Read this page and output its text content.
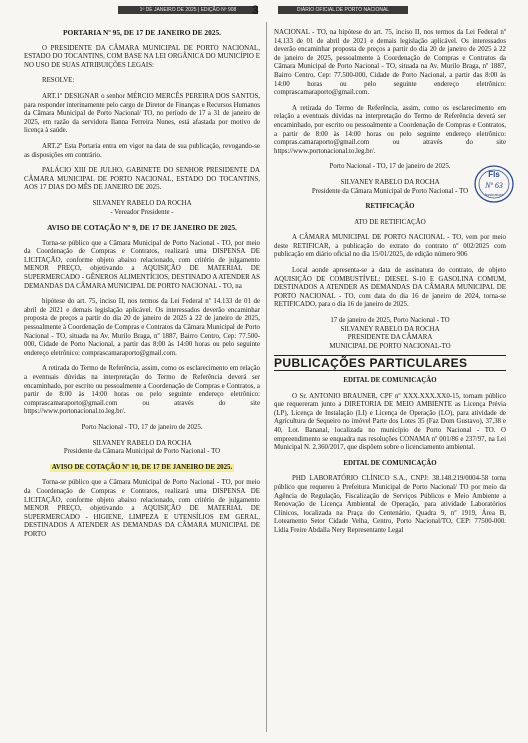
1º DE JANEIRO DE 2025 | EDIÇÃO Nº 908	3	DIÁRIO OFICIAL DE PORTO NACIONAL

PORTARIA Nº 95, DE 17 DE JANEIRO DE 2025.

O PRESIDENTE DA CÂMARA MUNICIPAL DE PORTO NACIONAL, ESTADO DO TOCANTINS, COM BASE NA LEI ORGÂNICA DO MUNICÍPIO E NO USO DE SUAS ATRIBUIÇÕES LEGAIS:

RESOLVE:

ART.1º DESIGNAR o senhor MÉRCIO MERCÊS PEREIRA DOS SANTOS, para responder interinamente pelo cargo de Diretor de Finanças e Recursos Humanos da Câmara Municipal de Porto Nacional/ TO, no período de 17 a 31 de janeiro de 2025, em razão da servidora Ilanna Ferreira Nunes, está afastada por motivo de licença à saúde.

ART.2º Esta Portaria entra em vigor na data de sua publicação, revogando-se as disposições em contrário.

PALÁCIO XIII DE JULHO, GABINETE DO SENHOR PRESIDENTE DA CÂMARA MUNICIPAL DE PORTO NACIONAL, ESTADO DO TOCANTINS, AOS 17 DIAS DO MÊS DE JANEIRO DE 2025.

SILVANEY RABELO DA ROCHA

- Vereador Presidente -

AVISO DE COTAÇÃO Nº 9, DE 17 DE JANEIRO DE 2025.

Torna-se público que a Câmara Municipal de Porto Nacional - TO, por meio da Coordenação de Compras e Contratos, realizará uma DISPENSA DE LICITAÇÃO, conforme objeto abaixo relacionado, com critério de julgamento MENOR PREÇO, objetivando a AQUISIÇÃO DE MATERIAL DE SUPERMERCADO - GÊNEROS ALIMENTÍCIOS, DESTINADO A ATENDER AS DEMANDAS DA CÂMARA MUNICIPAL DE PORTO NACIONAL - TO, na

hipótese do art. 75, inciso II, nos termos da Lei Federal nº 14.133 de 01 de abril de 2021 e demais legislação aplicável. Os interessados deverão encaminhar proposta de preços a partir do dia 20 de janeiro de 2025 à 22 de janeiro de 2025, pessoalmente à Coordenação de Compras e Contratos da Câmara Municipal de Porto Nacional - TO, situada na Av. Murilo Braga, nº 1887, Bairro Centro, Cep: 77.500-000, Cidade de Porto Nacional, a partir das 8:00 às 14:00 horas ou pelo seguinte endereço eletrônico: comprascamaraporto@gmail.com.

A retirada do Termo de Referência, assim, como os esclarecimento em relação a eventuais dúvidas na interpretação do Termo de Referência deverá ser encaminhado, por escrito ou pessoalmente a Coordenação de Compras e Contratos, a partir de 8:00 às 14:00 horas ou pelo seguinte endereço eletrônico: comprascamaraporto@gmail.com ou através do site https://www.portonacional.to.leg.br/.

Porto Nacional - TO, 17 de janeiro de 2025.

SILVANEY RABELO DA ROCHA

Presidente da Câmara Municipal de Porto Nacional - TO

AVISO DE COTAÇÃO Nº 10, DE 17 DE JANEIRO DE 2025.

Torna-se público que a Câmara Municipal de Porto Nacional - TO, por meio da Coordenação de Compras e Contratos, realizará uma DISPENSA DE LICITAÇÃO, conforme objeto abaixo relacionado, com critério de julgamento MENOR PREÇO, objetivando a AQUISIÇÃO DE MATERIAL DE SUPERMERCADO - HIGIENE, LIMPEZA E UTENSÍLIOS EM GERAL, DESTINADOS A ATENDER AS DEMANDAS DA CÂMARA MUNICIPAL DE PORTO

NACIONAL - TO, na hipótese do art. 75, inciso II, nos termos da Lei Federal nº 14.133 de 01 de abril de 2021 e demais legislação aplicável. Os interessados deverão encaminhar proposta de preços a partir do dia 20 de janeiro de 2025 à 22 de janeiro de 2025, pessoalmente à Coordenação de Compras e Contratos da Câmara Municipal de Porto Nacional - TO, situada na Av. Murilo Braga, nº 1887, Bairro Centro, Cep: 77.500-000, Cidade de Porto Nacional, a partir das 8:00 às 14:00 horas ou pelo seguinte endereço eletrônico: comprascamaraporto@gmail.com.

A retirada do Termo de Referência, assim, como os esclarecimento em relação a eventuais dúvidas na interpretação do Termo de Referência deverá ser encaminhado, por escrito ou pessoalmente a Coordenação de Compras e Contratos, a partir de 8:00 às 14:00 horas ou pelo seguinte endereço eletrônico: compras.camaraporto@gmail.com ou através do site https://www.portonacional.to.leg.br/.

Porto Nacional - TO, 17 de janeiro de 2025.

SILVANEY RABELO DA ROCHA

Presidente da Câmara Municipal de Porto Nacional - TO

RETIFICAÇÃO

ATO DE RETIFICAÇÃO

A CÂMARA MUNICIPAL DE PORTO NACIONAL - TO, vem por meio deste RETIFICAR, a publicação do extrato do contrato nº 002/2025 com publicação em diário oficial no dia 15/01/2025, de edição número 906

Local aonde apresenta-se a data de assinatura do contrato, de objeto AQUISIÇÃO DE COMBUSTÍVEL: DIESEL S-10 E GASOLINA COMUM, DESTINADOS A ATENDER AS DEMANDAS DA CÂMARA MUNICIPAL DE PORTO NACIONAL - TO, com data do dia 16 de janeiro de 2024, torna-se RETIFICADO, para o dia 16 de janeiro de 2025.

17 de janeiro de 2025, Porto Nacional - TO

SILVANEY RABELO DA ROCHA

PRESIDENTE DA CÂMARA

MUNICIPAL DE PORTO NACIONAL-TO

PUBLICAÇÕES PARTICULARES

EDITAL DE COMUNICAÇÃO

O Sr. ANTONIO BRAUNER, CPF nº XXX.XXX.XX0-15, tornam público que requereram junto a DIRETORIA DE MEIO AMBIENTE as Licença Prévia (LP), Licença de Instalação (LI) e Licença de Operação (LO), para atividade de Agricultura de Sequeiro no imóvel Parte dos Lotes 35 (Faz Dom Gustavo), 37,38 e 40, Lot. Bananal, localizada no município de Porto Nacional - TO. O empreendimento se enquadra nas resoluções CONAMA nº 001/86 e 237/97, na Lei Municipal N. 2.360/2017, que dispõem sobre o licenciamento ambiental.

EDITAL DE COMUNICAÇÃO

PHD LABORATÓRIO CLÍNICO S.A., CNPJ: 38.148.219/0004-58 torna público que requereu à Prefeitura Municipal de Porto Nacional/ TO por meio da Agência de Regulação, Fiscalização de Serviços Públicos e Meio Ambiente a Renovação de Licença Ambiental de Operação, para atividade Laboratórios Clínicos, localizada na Praça do Centenário, Quadra 9, nº 1919, Área B, Loteamento Setor Cidade Velha, Centro, Porto Nacional/TO, CEP: 77500-000. Lídia Freire Abdalla Nery Representante Legal

Fls
Nº 63
Assinatura
